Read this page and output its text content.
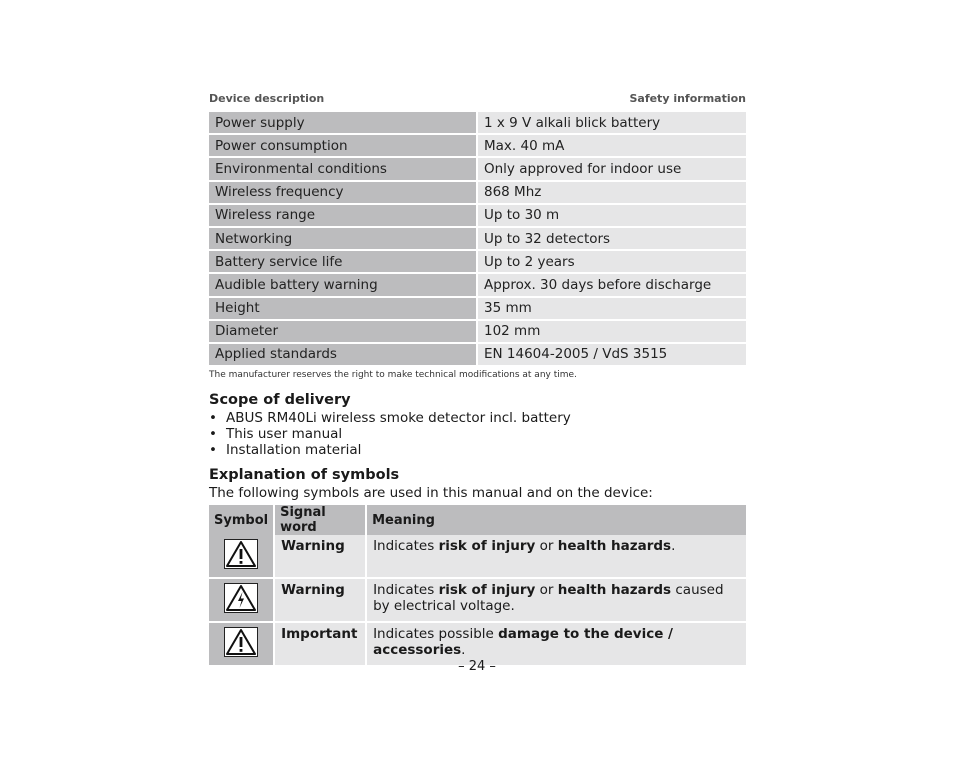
Device description	Safety information
Power supply	1 x 9 V alkali blick battery
Power consumption	Max. 40 mA
Environmental conditions	Only approved for indoor use
Wireless frequency	868 Mhz
Wireless range	Up to 30 m
Networking	Up to 32 detectors
Battery service life	Up to 2 years
Audible battery warning	Approx. 30 days before discharge
Height	35 mm
Diameter	102 mm
Applied standards	EN 14604-2005 / VdS 3515
The manufacturer reserves the right to make technical modifications at any time.
Scope of delivery
• ABUS RM40Li wireless smoke detector incl. battery
• This user manual
• Installation material
Explanation of symbols
The following symbols are used in this manual and on the device:
Symbol	Signal word	Meaning
	Warning	Indicates risk of injury or health hazards.
	Warning	Indicates risk of injury or health hazards caused by electrical voltage.
	Important	Indicates possible damage to the device / accessories.
– 24 –
